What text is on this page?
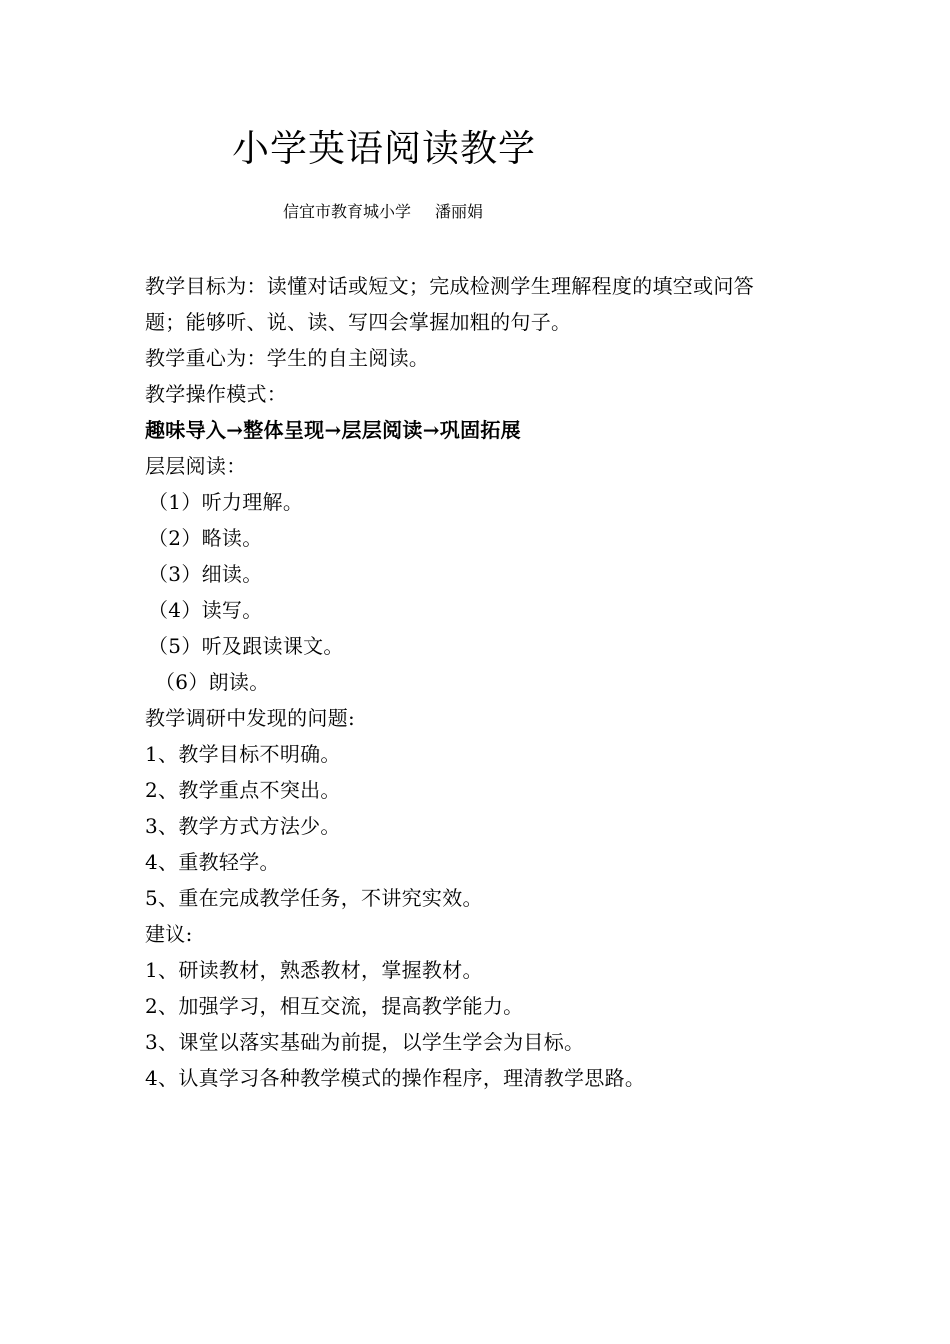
小学英语阅读教学
信宜市教育城小学 潘丽娟
教学目标为：读懂对话或短文；完成检测学生理解程度的填空或问答
题；能够听、说、读、写四会掌握加粗的句子。
教学重心为：学生的自主阅读。
教学操作模式：
趣味导入→整体呈现→层层阅读→巩固拓展
层层阅读：
（1）听力理解。
（2）略读。
（3）细读。
（4）读写。
（5）听及跟读课文。
（6）朗读。
教学调研中发现的问题:
1、教学目标不明确。
2、教学重点不突出。
3、教学方式方法少。
4、重教轻学。
5、重在完成教学任务，不讲究实效。
建议:
1、研读教材，熟悉教材，掌握教材。
2、加强学习，相互交流，提高教学能力。
3、课堂以落实基础为前提，以学生学会为目标。
4、认真学习各种教学模式的操作程序，理清教学思路。
